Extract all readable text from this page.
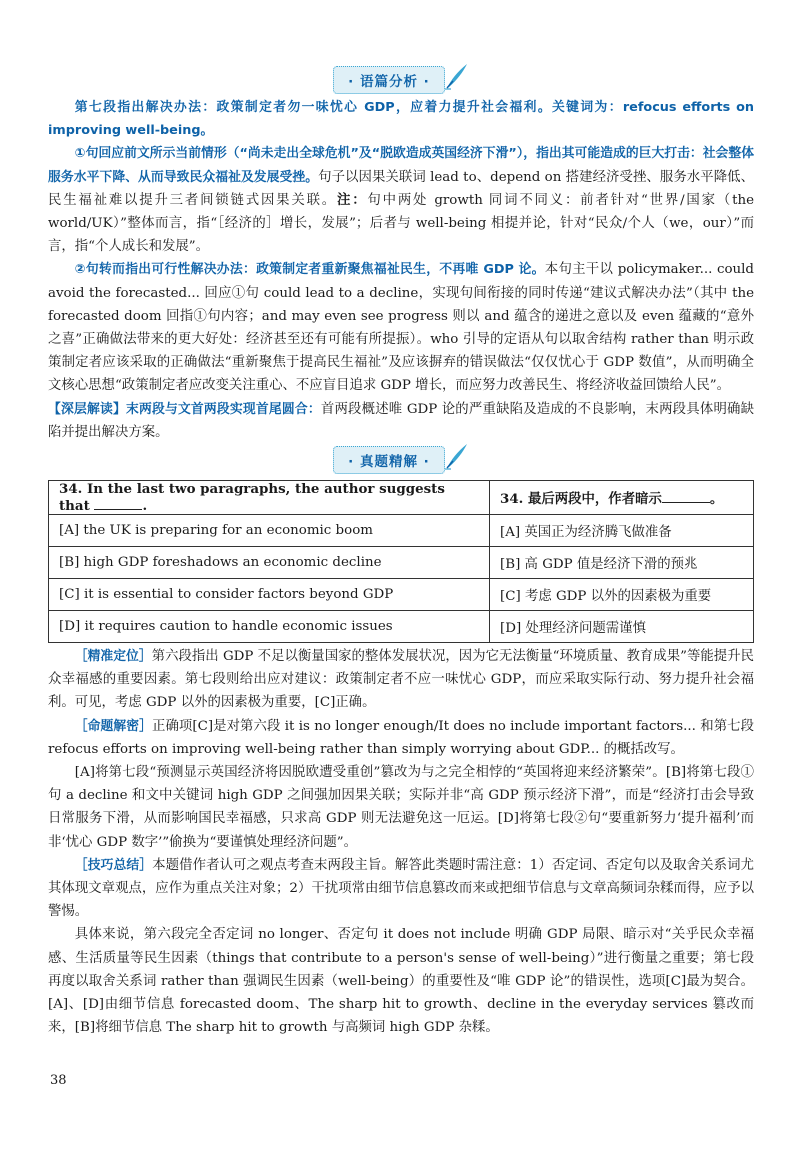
· 语篇分析 ·

第七段指出解决办法：政策制定者勿一味忧心 GDP，应着力提升社会福利。关键词为：refocus efforts on improving well-being。

①句回应前文所示当前情形（“尚未走出全球危机”及“脱欧造成英国经济下滑”），指出其可能造成的巨大打击：社会整体服务水平下降、从而导致民众福祉及发展受挫。句子以因果关联词 lead to、depend on 搭建经济受挫、服务水平降低、民生福祉难以提升三者间锁链式因果关联。注：句中两处 growth 同词不同义：前者针对“世界/国家（the world/UK）”整体而言，指“［经济的］增长，发展”；后者与 well-being 相提并论，针对“民众/个人（we，our）”而言，指“个人成长和发展”。

②句转而指出可行性解决办法：政策制定者重新聚焦福祉民生，不再唯 GDP 论。本句主干以 policymaker... could avoid the forecasted... 回应①句 could lead to a decline，实现句间衔接的同时传递“建议式解决办法”（其中 the forecasted doom 回指①句内容；and may even see progress 则以 and 蕴含的递进之意以及 even 蕴藏的“意外之喜”正确做法带来的更大好处：经济甚至还有可能有所提振）。who 引导的定语从句以取舍结构 rather than 明示政策制定者应该采取的正确做法“重新聚焦于提高民生福祉”及应该摒弃的错误做法“仅仅忧心于 GDP 数值”，从而明确全文核心思想“政策制定者应改变关注重心、不应盲目追求 GDP 增长，而应努力改善民生、将经济收益回馈给人民”。

【深层解读】末两段与文首两段实现首尾圆合：首两段概述唯 GDP 论的严重缺陷及造成的不良影响，末两段具体明确缺陷并提出解决方案。

· 真题精解 ·
34. In the last two paragraphs, the author suggests that .	34. 最后两段中，作者暗示 。
[A] the UK is preparing for an economic boom	[A] 英国正为经济腾飞做准备
[B] high GDP foreshadows an economic decline	[B] 高 GDP 值是经济下滑的预兆
[C] it is essential to consider factors beyond GDP	[C] 考虑 GDP 以外的因素极为重要
[D] it requires caution to handle economic issues	[D] 处理经济问题需谨慎

［精准定位］第六段指出 GDP 不足以衡量国家的整体发展状况，因为它无法衡量“环境质量、教育成果”等能提升民众幸福感的重要因素。第七段则给出应对建议：政策制定者不应一味忧心 GDP，而应采取实际行动、努力提升社会福利。可见，考虑 GDP 以外的因素极为重要，[C]正确。

［命题解密］正确项[C]是对第六段 it is no longer enough/It does no include important factors... 和第七段 refocus efforts on improving well-being rather than simply worrying about GDP... 的概括改写。

[A]将第七段“预测显示英国经济将因脱欧遭受重创”篡改为与之完全相悖的“英国将迎来经济繁荣”。[B]将第七段①句 a decline 和文中关键词 high GDP 之间强加因果关联；实际并非“高 GDP 预示经济下滑”，而是“经济打击会导致日常服务下滑，从而影响国民幸福感，只求高 GDP 则无法避免这一厄运。[D]将第七段②句“要重新努力‘提升福利’而非‘忧心 GDP 数字’”偷换为“要谨慎处理经济问题”。

［技巧总结］本题借作者认可之观点考查末两段主旨。解答此类题时需注意：1）否定词、否定句以及取舍关系词尤其体现文章观点，应作为重点关注对象；2）干扰项常由细节信息篡改而来或把细节信息与文章高频词杂糅而得，应予以警惕。

具体来说，第六段完全否定词 no longer、否定句 it does not include 明确 GDP 局限、暗示对“关乎民众幸福感、生活质量等民生因素（things that contribute to a person's sense of well-being）”进行衡量之重要；第七段再度以取舍关系词 rather than 强调民生因素（well-being）的重要性及“唯 GDP 论”的错误性，选项[C]最为契合。[A]、[D]由细节信息 forecasted doom、The sharp hit to growth、decline in the everyday services 篡改而来，[B]将细节信息 The sharp hit to growth 与高频词 high GDP 杂糅。

38
